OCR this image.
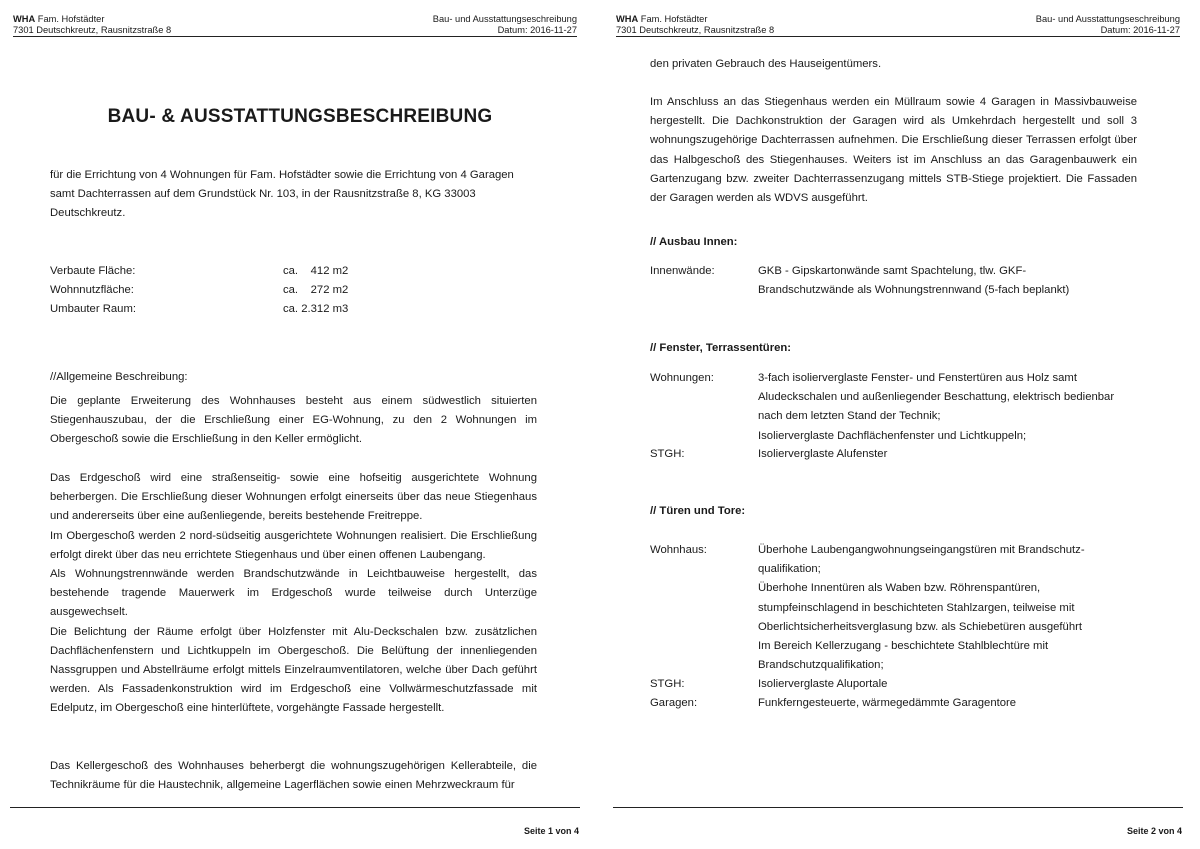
WHA Fam. Hofstädter
7301 Deutschkreutz, Rausnitzstraße 8
Bau- und Ausstattungseschreibung
Datum: 2016-11-27
BAU- & AUSSTATTUNGSBESCHREIBUNG
für die Errichtung von 4 Wohnungen für Fam. Hofstädter sowie die Errichtung von 4 Garagen samt Dachterrassen auf dem Grundstück Nr. 103, in der Rausnitzstraße 8, KG 33003 Deutschkreutz.
Verbaute Fläche:	ca.    412 m2
Wohnnutzfläche:	ca.    272 m2
Umbauter Raum:	ca. 2.312 m3
//Allgemeine Beschreibung:
Die geplante Erweiterung des Wohnhauses besteht aus einem südwestlich situierten Stiegenhauszubau, der die Erschließung einer EG-Wohnung, zu den 2 Wohnungen im Obergeschoß sowie die Erschließung in den Keller ermöglicht.
Das Erdgeschoß wird eine straßenseitig- sowie eine hofseitig ausgerichtete Wohnung beherbergen. Die Erschließung dieser Wohnungen erfolgt einerseits über das neue Stiegenhaus und andererseits über eine außenliegende, bereits bestehende Freitreppe.
Im Obergeschoß werden 2 nord-südseitig ausgerichtete Wohnungen realisiert. Die Erschließung erfolgt direkt über das neu errichtete Stiegenhaus und über einen offenen Laubengang.
Als Wohnungstrennwände werden Brandschutzwände in Leichtbauweise hergestellt, das bestehende tragende Mauerwerk im Erdgeschoß wurde teilweise durch Unterzüge ausgewechselt.
Die Belichtung der Räume erfolgt über Holzfenster mit Alu-Deckschalen bzw. zusätzlichen Dachflächenfenstern und Lichtkuppeln im Obergeschoß. Die Belüftung der innenliegenden Nassgruppen und Abstellräume erfolgt mittels Einzelraumventilatoren, welche über Dach geführt werden. Als Fassadenkonstruktion wird im Erdgeschoß eine Vollwärmeschutzfassade mit Edelputz, im Obergeschoß eine hinterlüftete, vorgehängte Fassade hergestellt.
Das Kellergeschoß des Wohnhauses beherbergt die wohnungszugehörigen Kellerabteile, die Technikräume für die Haustechnik, allgemeine Lagerflächen sowie einen Mehrzweckraum für
Seite 1 von 4
WHA Fam. Hofstädter
7301 Deutschkreutz, Rausnitzstraße 8
Bau- und Ausstattungseschreibung
Datum: 2016-11-27
den privaten Gebrauch des Hauseigentümers.
Im Anschluss an das Stiegenhaus werden ein Müllraum sowie 4 Garagen in Massivbauweise hergestellt. Die Dachkonstruktion der Garagen wird als Umkehrdach hergestellt und soll 3 wohnungszugehörige Dachterrassen aufnehmen. Die Erschließung dieser Terrassen erfolgt über das Halbgeschoß des Stiegenhauses. Weiters ist im Anschluss an das Garagenbauwerk ein Gartenzugang bzw. zweiter Dachterrassenzugang mittels STB-Stiege projektiert. Die Fassaden der Garagen werden als WDVS ausgeführt.
// Ausbau Innen:
Innenwände:	GKB - Gipskartonwände samt Spachtelung, tlw. GKF-
Brandschutzwände als Wohnungstrennwand (5-fach beplankt)
// Fenster, Terrassentüren:
Wohnungen:	3-fach isolierverglaste Fenster- und Fenstertüren aus Holz samt
Aludeckschalen und außenliegender Beschattung, elektrisch bedienbar
nach dem letzten Stand der Technik;
Isolierverglaste Dachflächenfenster und Lichtkuppeln;
STGH:	Isolierverglaste Alufenster
// Türen und Tore:
Wohnhaus:	Überhohe Laubengangwohnungseingangstüren mit Brandschutz-
qualifikation;
Überhohe Innentüren als Waben bzw. Röhrenspantüren,
stumpfeinschlagend in beschichteten Stahlzargen, teilweise mit
Oberlichtsicherheitsverglasung bzw. als Schiebetüren ausgeführt
Im Bereich Kellerzugang - beschichtete Stahlblechtüre mit
Brandschutzqualifikation;
STGH:	Isolierverglaste Aluportale
Garagen:	Funkferngesteuerte, wärmegedämmte Garagentore
Seite 2 von 4
